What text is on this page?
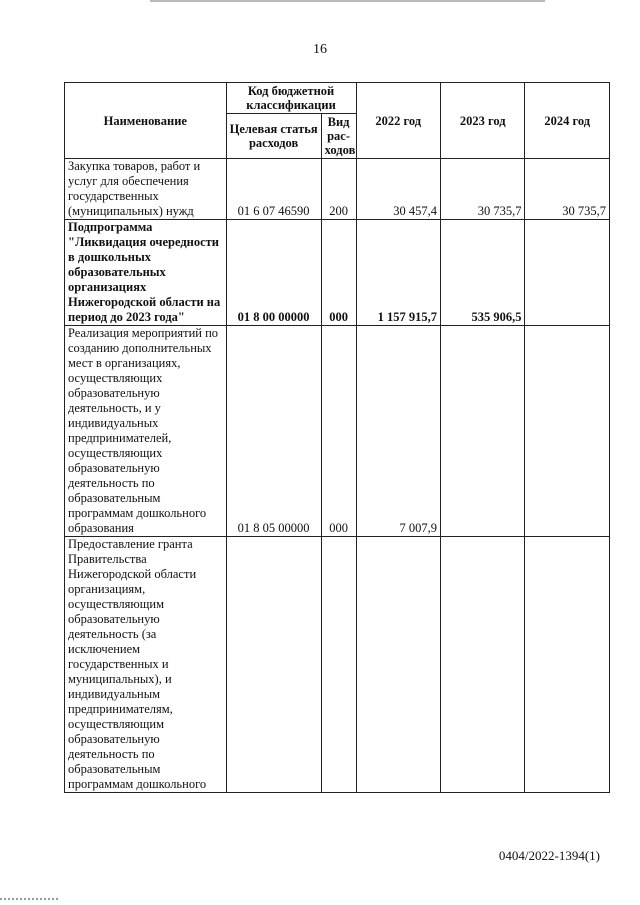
16
Наименование	Код бюджетной классификации		2022 год	2023 год	2024 год
	Целевая статья расходов	Вид рас-ходов			
Закупка товаров, работ и услуг для обеспечения государственных (муниципальных) нужд	01 6 07 46590	200	30 457,4	30 735,7	30 735,7
Подпрограмма "Ликвидация очередности в дошкольных образовательных организациях Нижегородской области на период до 2023 года"	01 8 00 00000	000	1 157 915,7	535 906,5	
Реализация мероприятий по созданию дополнительных мест в организациях, осуществляющих образовательную деятельность, и у индивидуальных предпринимателей, осуществляющих образовательную деятельность по образовательным программам дошкольного образования	01 8 05 00000	000	7 007,9		
Предоставление гранта Правительства Нижегородской области организациям, осуществляющим образовательную деятельность (за исключением государственных и муниципальных), и индивидуальным предпринимателям, осуществляющим образовательную деятельность по образовательным программам дошкольного					
0404/2022-1394(1)
